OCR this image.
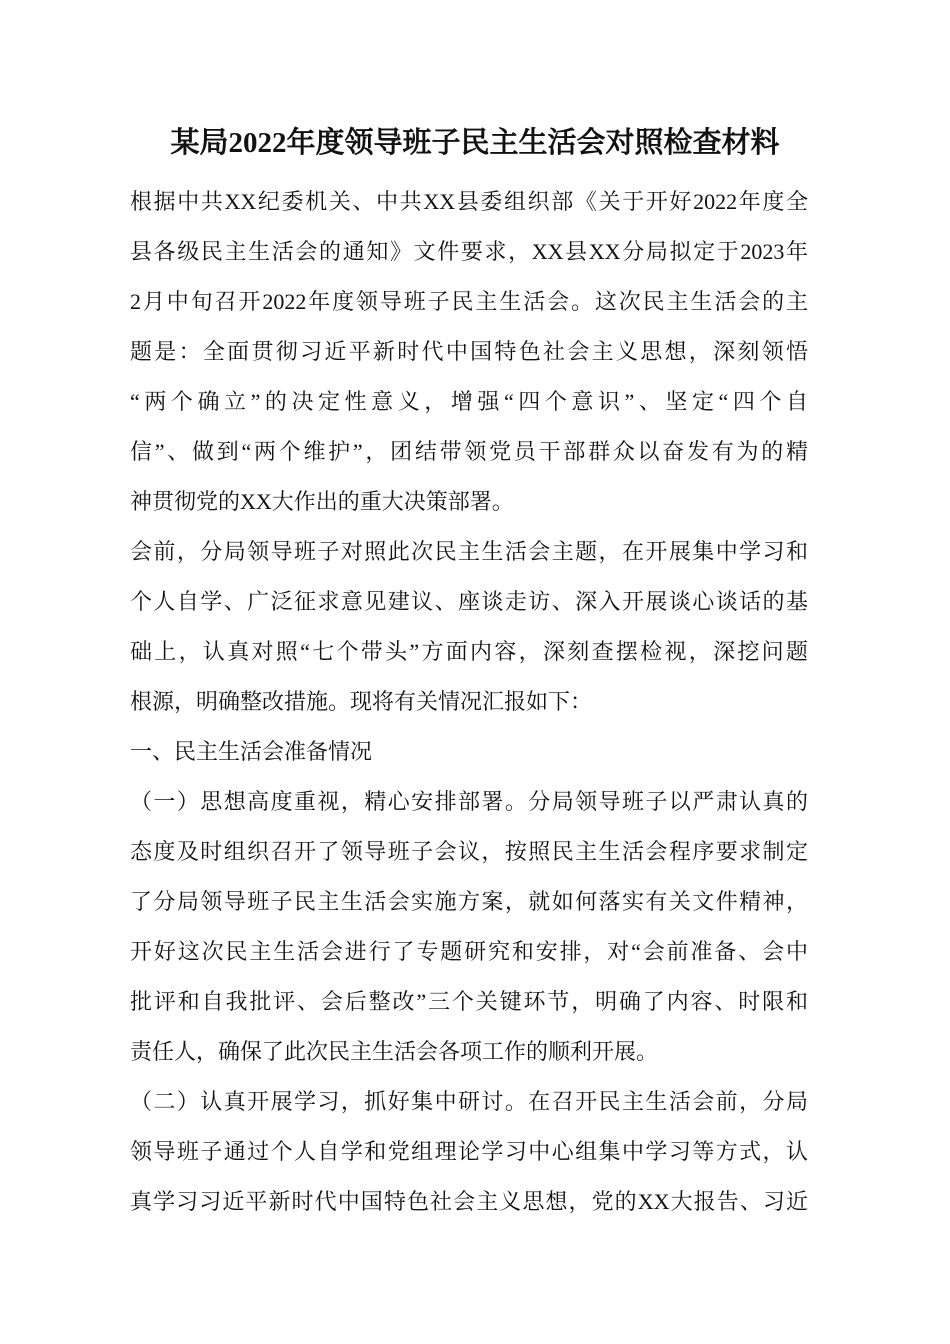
某局2022年度领导班子民主生活会对照检查材料
根据中共XX纪委机关、中共XX县委组织部《关于开好2022年度全
县各级民主生活会的通知》文件要求，XX县XX分局拟定于2023年
2月中旬召开2022年度领导班子民主生活会。这次民主生活会的主
题是：全面贯彻习近平新时代中国特色社会主义思想，深刻领悟
“两个确立”的决定性意义，增强“四个意识”、坚定“四个自
信”、做到“两个维护”，团结带领党员干部群众以奋发有为的精
神贯彻党的XX大作出的重大决策部署。
会前，分局领导班子对照此次民主生活会主题，在开展集中学习和
个人自学、广泛征求意见建议、座谈走访、深入开展谈心谈话的基
础上，认真对照“七个带头”方面内容，深刻查摆检视，深挖问题
根源，明确整改措施。现将有关情况汇报如下：
一、民主生活会准备情况
（一）思想高度重视，精心安排部署。分局领导班子以严肃认真的
态度及时组织召开了领导班子会议，按照民主生活会程序要求制定
了分局领导班子民主生活会实施方案，就如何落实有关文件精神，
开好这次民主生活会进行了专题研究和安排，对“会前准备、会中
批评和自我批评、会后整改”三个关键环节，明确了内容、时限和
责任人，确保了此次民主生活会各项工作的顺利开展。
（二）认真开展学习，抓好集中研讨。在召开民主生活会前，分局
领导班子通过个人自学和党组理论学习中心组集中学习等方式，认
真学习习近平新时代中国特色社会主义思想，党的XX大报告、习近
